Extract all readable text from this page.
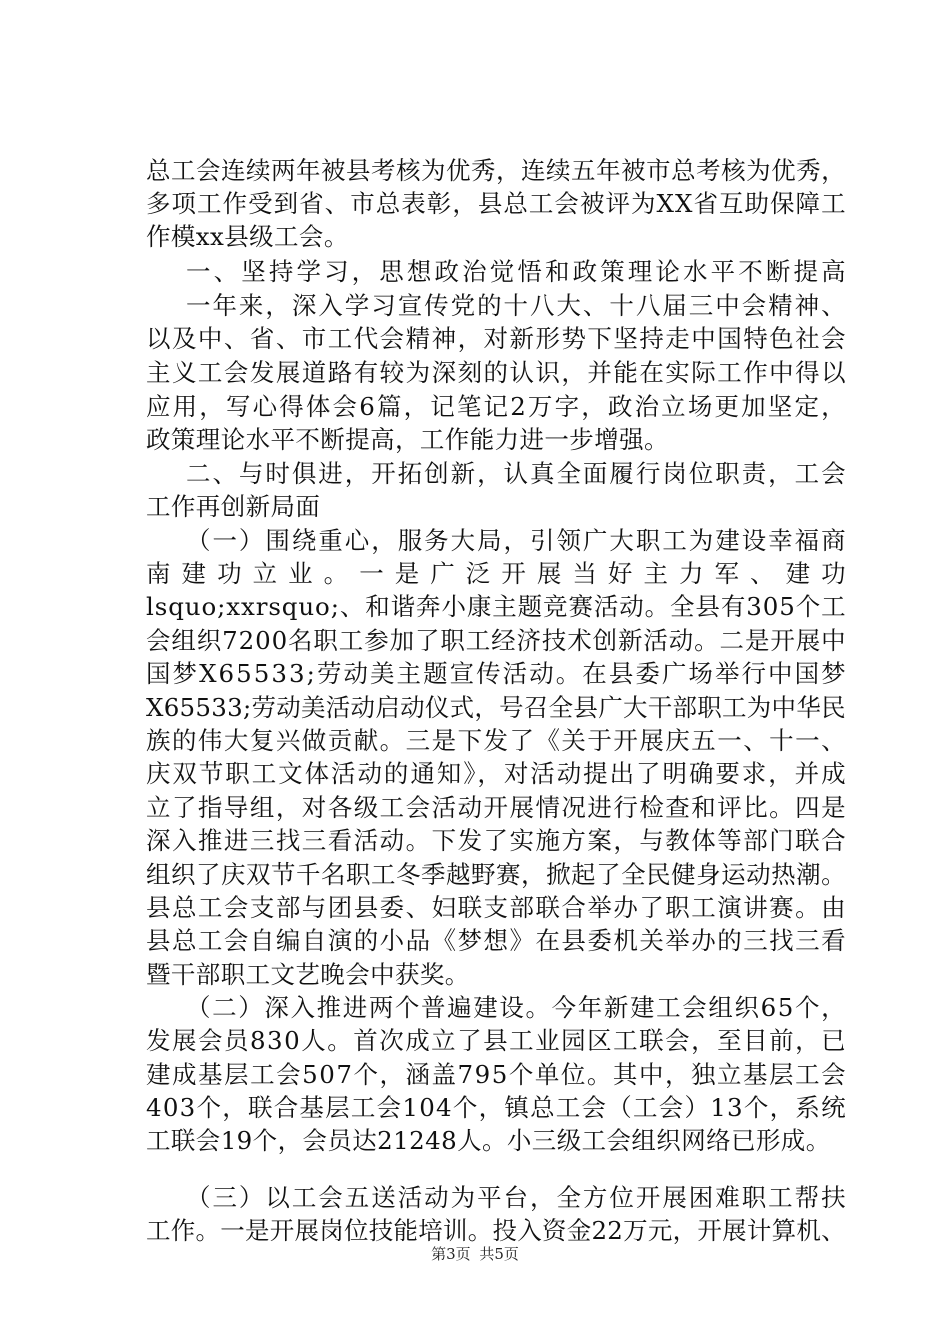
总工会连续两年被县考核为优秀，连续五年被市总考核为优秀，
多项工作受到省、市总表彰，县总工会被评为XX省互助保障工
作模xx县级工会。
一、坚持学习，思想政治觉悟和政策理论水平不断提高
一年来，深入学习宣传党的十八大、十八届三中会精神、
以及中、省、市工代会精神，对新形势下坚持走中国特色社会
主义工会发展道路有较为深刻的认识，并能在实际工作中得以
应用，写心得体会6篇，记笔记2万字，政治立场更加坚定，
政策理论水平不断提高，工作能力进一步增强。
二、与时俱进，开拓创新，认真全面履行岗位职责，工会
工作再创新局面
（一）围绕重心，服务大局，引领广大职工为建设幸福商
南建功立业。一是广泛开展当好主力军、建功
lsquo;xxrsquo;、和谐奔小康主题竞赛活动。全县有305个工
会组织7200名职工参加了职工经济技术创新活动。二是开展中
国梦X65533;劳动美主题宣传活动。在县委广场举行中国梦
X65533;劳动美活动启动仪式，号召全县广大干部职工为中华民
族的伟大复兴做贡献。三是下发了《关于开展庆五一、十一、
庆双节职工文体活动的通知》，对活动提出了明确要求，并成
立了指导组，对各级工会活动开展情况进行检查和评比。四是
深入推进三找三看活动。下发了实施方案，与教体等部门联合
组织了庆双节千名职工冬季越野赛，掀起了全民健身运动热潮。
县总工会支部与团县委、妇联支部联合举办了职工演讲赛。由
县总工会自编自演的小品《梦想》在县委机关举办的三找三看
暨干部职工文艺晚会中获奖。
（二）深入推进两个普遍建设。今年新建工会组织65个，
发展会员830人。首次成立了县工业园区工联会，至目前，已
建成基层工会507个，涵盖795个单位。其中，独立基层工会
403个，联合基层工会104个，镇总工会（工会）13个，系统
工联会19个，会员达21248人。小三级工会组织网络已形成。
（三）以工会五送活动为平台，全方位开展困难职工帮扶
工作。一是开展岗位技能培训。投入资金22万元，开展计算机、
第3页 共5页
